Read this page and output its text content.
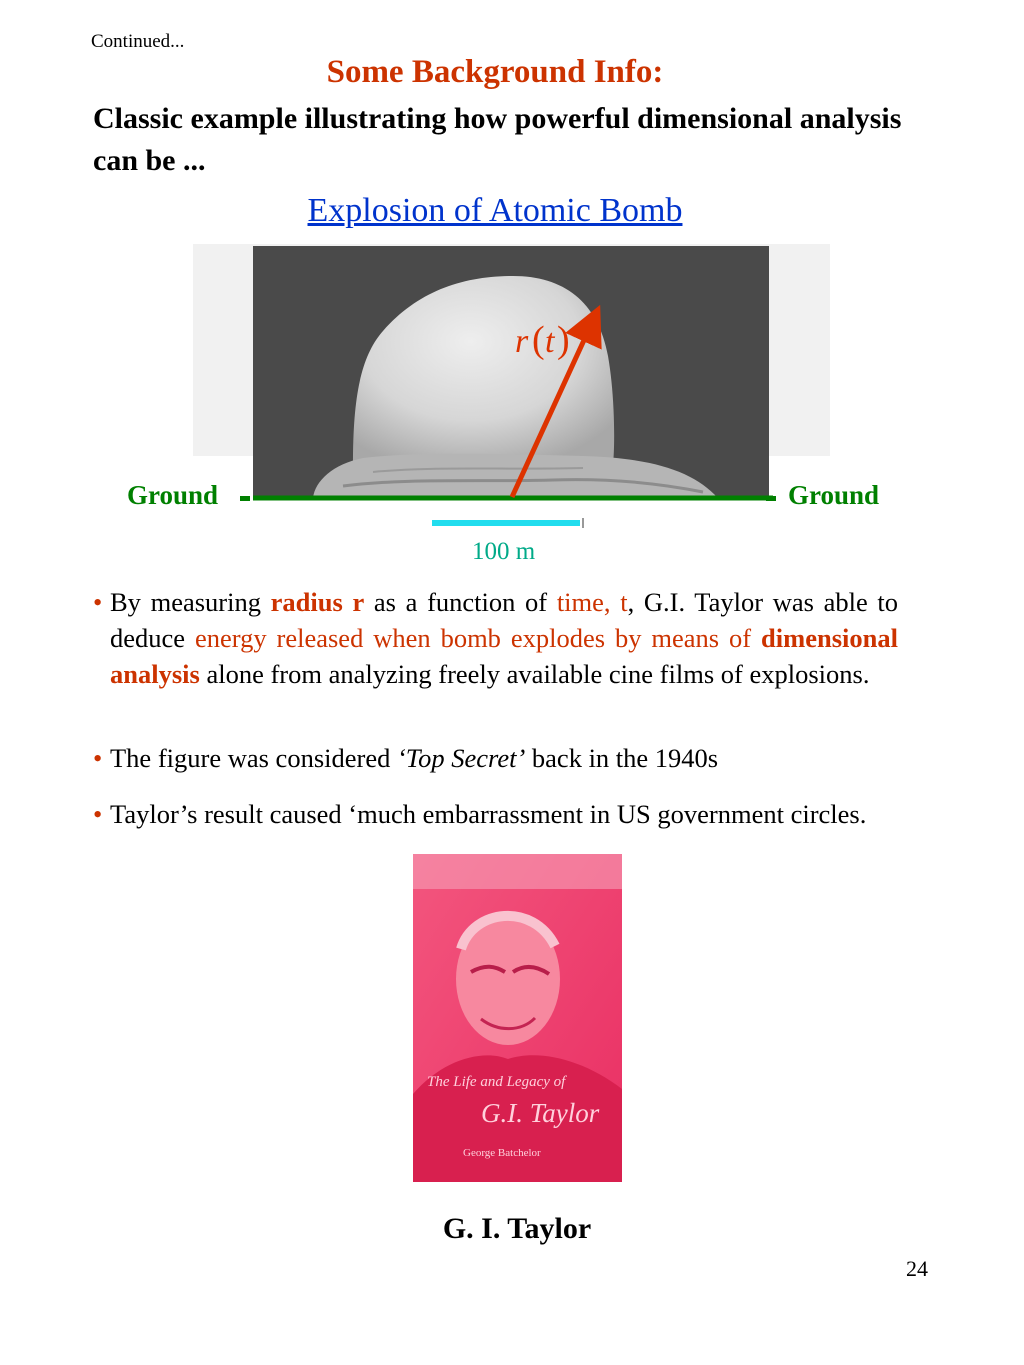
Continued...
Some Background Info:
Classic example illustrating how powerful dimensional analysis can be ...
Explosion of Atomic Bomb
r ( t )
Ground	Ground
100 m
• By measuring radius r as a function of time, t, G.I. Taylor was able to deduce energy released when bomb explodes by means of dimensional analysis alone from analyzing freely available cine films of explosions.
• The figure was considered ‘Top Secret’ back in the 1940s
• Taylor’s result caused ‘much embarrassment in US government circles.
The Life and Legacy of
G.I. Taylor
George Batchelor
G. I. Taylor
24
